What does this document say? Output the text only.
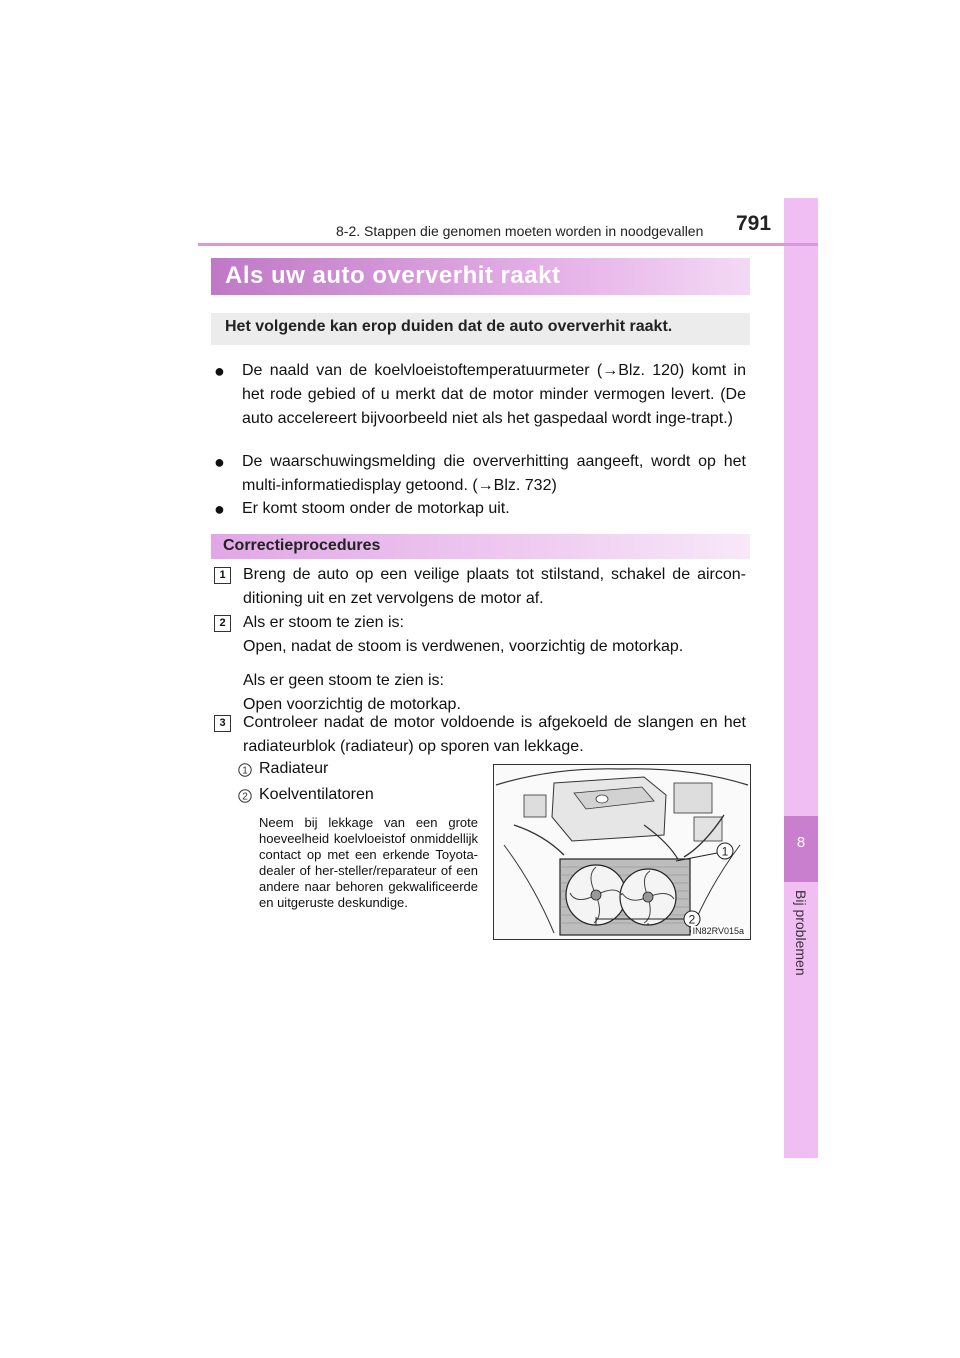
8
Bij problemen
8-2. Stappen die genomen moeten worden in noodgevallen 791
Als uw auto oververhit raakt
Het volgende kan erop duiden dat de auto oververhit raakt.
● De naald van de koelvloeistoftemperatuurmeter (→Blz. 120) komt in het rode gebied of u merkt dat de motor minder vermogen levert. (De auto accelereert bijvoorbeeld niet als het gaspedaal wordt inge-trapt.)
● De waarschuwingsmelding die oververhitting aangeeft, wordt op het multi-informatiedisplay getoond. (→Blz. 732)
● Er komt stoom onder de motorkap uit.
Correctieprocedures
1	Breng de auto op een veilige plaats tot stilstand, schakel de aircon-ditioning uit en zet vervolgens de motor af.

2	Als er stoom te zien is:

Open, nadat de stoom is verdwenen, voorzichtig de motorkap.

Als er geen stoom te zien is:

Open voorzichtig de motorkap.

3	Controleer nadat de motor voldoende is afgekoeld de slangen en het radiateurblok (radiateur) op sporen van lekkage.

1 Radiateur
2 Koelventilatoren
Neem bij lekkage van een grote hoeveelheid koelvloeistof onmiddellijk contact op met een erkende Toyota-dealer of her-steller/reparateur of een andere naar behoren gekwalificeerde en uitgeruste deskundige.
1
2
IN82RV015a
